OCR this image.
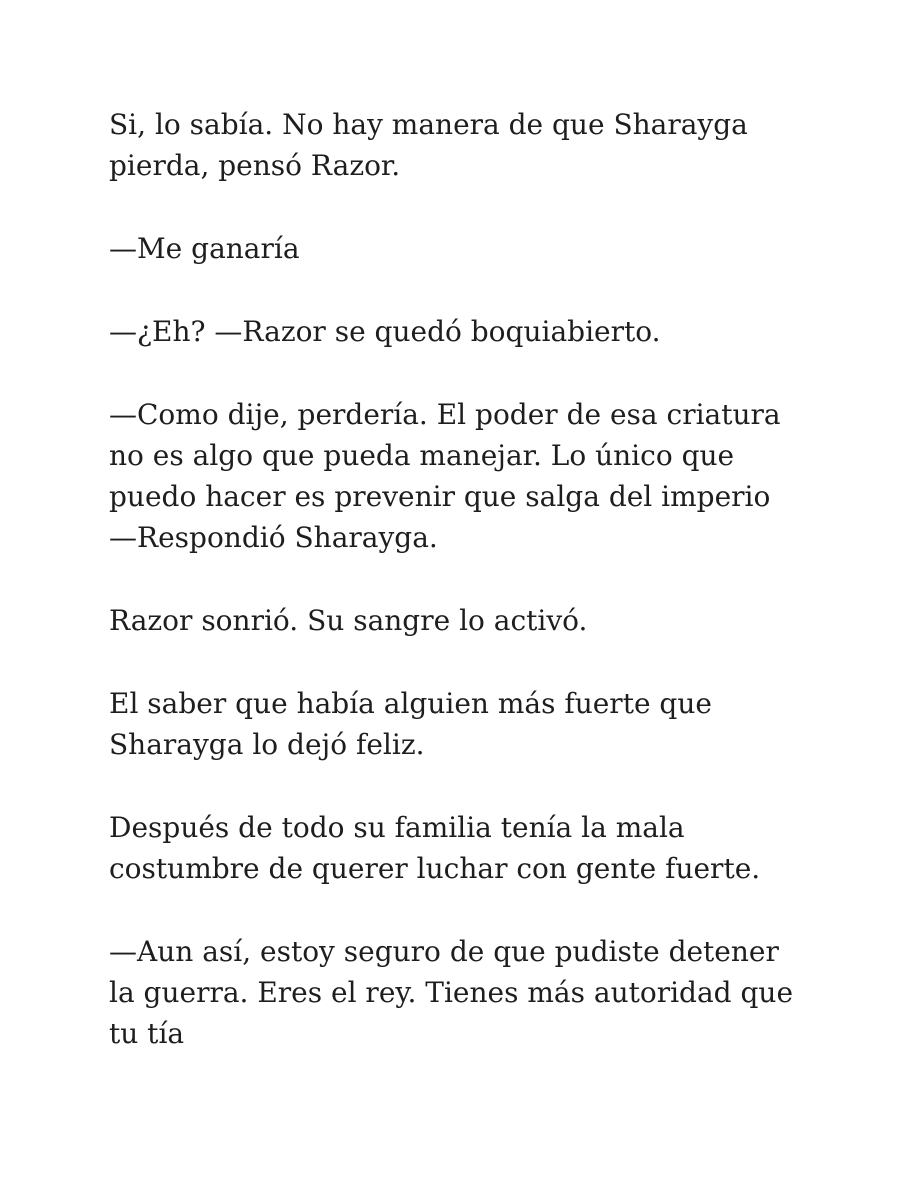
Si, lo sabía. No hay manera de que Sharayga
pierda, pensó Razor.

—Me ganaría

—¿Eh? —Razor se quedó boquiabierto.

—Como dije, perdería. El poder de esa criatura
no es algo que pueda manejar. Lo único que
puedo hacer es prevenir que salga del imperio
—Respondió Sharayga.

Razor sonrió. Su sangre lo activó.

El saber que había alguien más fuerte que
Sharayga lo dejó feliz.

Después de todo su familia tenía la mala
costumbre de querer luchar con gente fuerte.

—Aun así, estoy seguro de que pudiste detener
la guerra. Eres el rey. Tienes más autoridad que
tu tía
